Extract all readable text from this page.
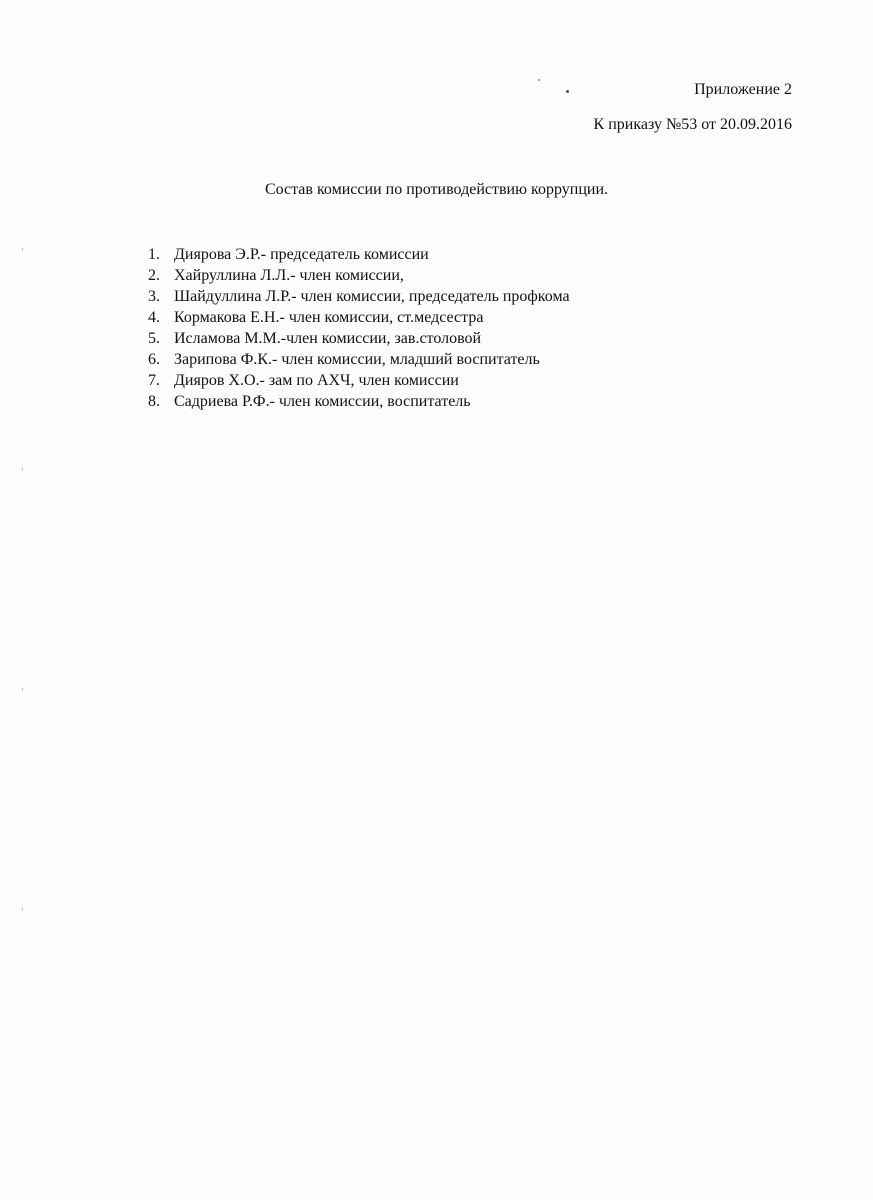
Приложение 2
К приказу №53 от 20.09.2016
Состав комиссии по противодействию коррупции.
1. Диярова Э.Р.- председатель комиссии
2. Хайруллина Л.Л.- член комиссии,
3. Шайдуллина Л.Р.- член комиссии, председатель профкома
4. Кормакова Е.Н.- член комиссии, ст.медсестра
5. Исламова М.М.-член комиссии, зав.столовой
6. Зарипова Ф.К.- член комиссии, младший воспитатель
7. Дияров Х.О.- зам по АХЧ, член комиссии
8. Садриева Р.Ф.- член комиссии, воспитатель
